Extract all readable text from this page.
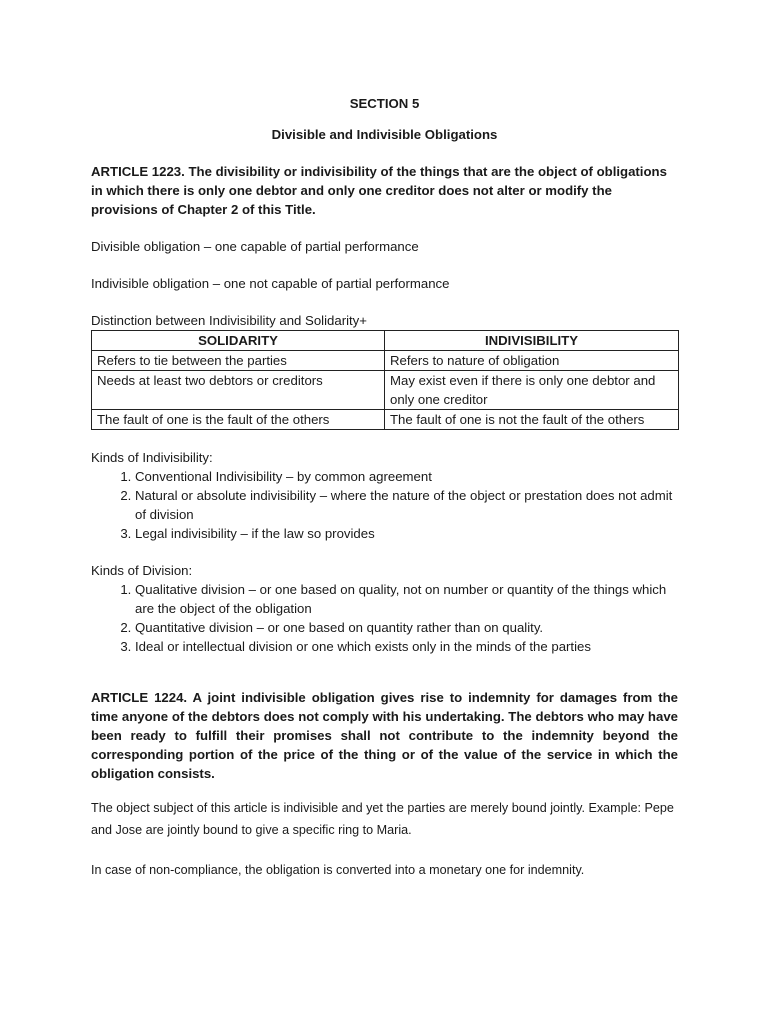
SECTION 5

Divisible and Indivisible Obligations

ARTICLE 1223. The divisibility or indivisibility of the things that are the object of obligations in which there is only one debtor and only one creditor does not alter or modify the provisions of Chapter 2 of this Title.

Divisible obligation – one capable of partial performance

Indivisible obligation – one not capable of partial performance

Distinction between Indivisibility and Solidarity+

SOLIDARITY	INDIVISIBILITY
Refers to tie between the parties	Refers to nature of obligation
Needs at least two debtors or creditors	May exist even if there is only one debtor and only one creditor
The fault of one is the fault of the others	The fault of one is not the fault of the others

Kinds of Indivisibility:

1. Conventional Indivisibility – by common agreement
2. Natural or absolute indivisibility – where the nature of the object or prestation does not admit of division
3. Legal indivisibility – if the law so provides

Kinds of Division:

1. Qualitative division – or one based on quality, not on number or quantity of the things which are the object of the obligation
2. Quantitative division – or one based on quantity rather than on quality.
3. Ideal or intellectual division or one which exists only in the minds of the parties

ARTICLE 1224. A joint indivisible obligation gives rise to indemnity for damages from the time anyone of the debtors does not comply with his undertaking. The debtors who may have been ready to fulfill their promises shall not contribute to the indemnity beyond the corresponding portion of the price of the thing or of the value of the service in which the obligation consists.

The object subject of this article is indivisible and yet the parties are merely bound jointly. Example: Pepe and Jose are jointly bound to give a specific ring to Maria.

In case of non-compliance, the obligation is converted into a monetary one for indemnity.
